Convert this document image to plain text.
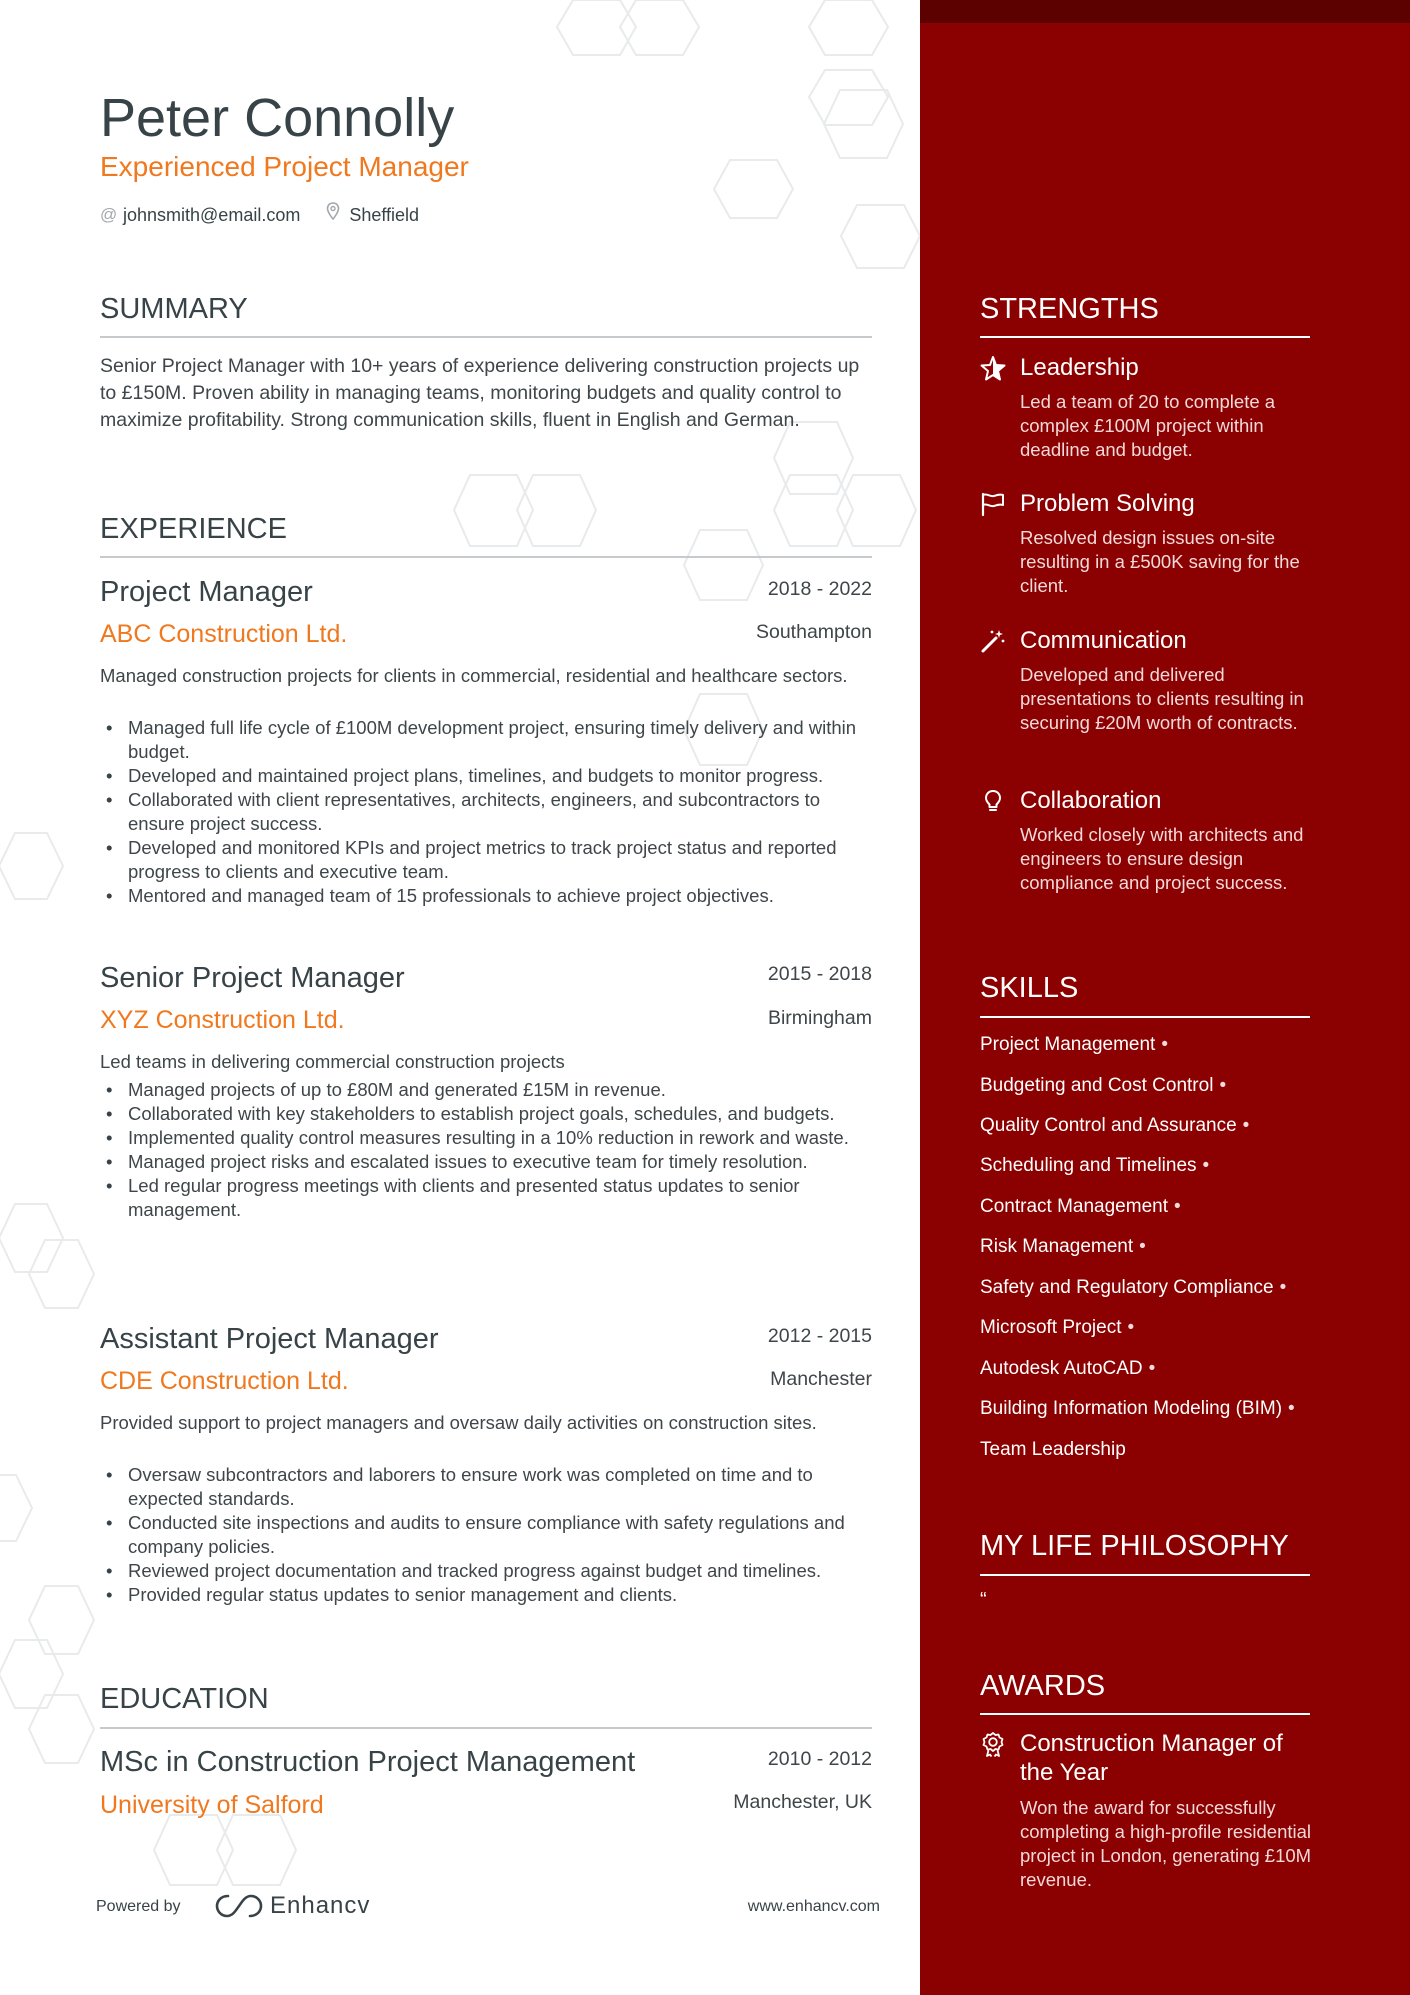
Peter Connolly
Experienced Project Manager
@ johnsmith@email.com	Sheffield
SUMMARY
Senior Project Manager with 10+ years of experience delivering construction projects up to £150M. Proven ability in managing teams, monitoring budgets and quality control to maximize profitability. Strong communication skills, fluent in English and German.
EXPERIENCE
Project Manager	2018 - 2022
ABC Construction Ltd.	Southampton
Managed construction projects for clients in commercial, residential and healthcare sectors.
• Managed full life cycle of £100M development project, ensuring timely delivery and within budget.
• Developed and maintained project plans, timelines, and budgets to monitor progress.
• Collaborated with client representatives, architects, engineers, and subcontractors to ensure project success.
• Developed and monitored KPIs and project metrics to track project status and reported progress to clients and executive team.
• Mentored and managed team of 15 professionals to achieve project objectives.
Senior Project Manager	2015 - 2018
XYZ Construction Ltd.	Birmingham
Led teams in delivering commercial construction projects
• Managed projects of up to £80M and generated £15M in revenue.
• Collaborated with key stakeholders to establish project goals, schedules, and budgets.
• Implemented quality control measures resulting in a 10% reduction in rework and waste.
• Managed project risks and escalated issues to executive team for timely resolution.
• Led regular progress meetings with clients and presented status updates to senior management.
Assistant Project Manager	2012 - 2015
CDE Construction Ltd.	Manchester
Provided support to project managers and oversaw daily activities on construction sites.
• Oversaw subcontractors and laborers to ensure work was completed on time and to expected standards.
• Conducted site inspections and audits to ensure compliance with safety regulations and company policies.
• Reviewed project documentation and tracked progress against budget and timelines.
• Provided regular status updates to senior management and clients.
EDUCATION
MSc in Construction Project Management	2010 - 2012
University of Salford	Manchester, UK
Powered by	Enhancv	www.enhancv.com
STRENGTHS
Leadership
Led a team of 20 to complete a complex £100M project within deadline and budget.
Problem Solving
Resolved design issues on-site resulting in a £500K saving for the client.
Communication
Developed and delivered presentations to clients resulting in securing £20M worth of contracts.
Collaboration
Worked closely with architects and engineers to ensure design compliance and project success.
SKILLS
Project Management •
Budgeting and Cost Control •
Quality Control and Assurance •
Scheduling and Timelines •
Contract Management •
Risk Management •
Safety and Regulatory Compliance •
Microsoft Project •
Autodesk AutoCAD •
Building Information Modeling (BIM) •
Team Leadership
MY LIFE PHILOSOPHY
“
AWARDS
Construction Manager of
the Year
Won the award for successfully completing a high-profile residential project in London, generating £10M revenue.
